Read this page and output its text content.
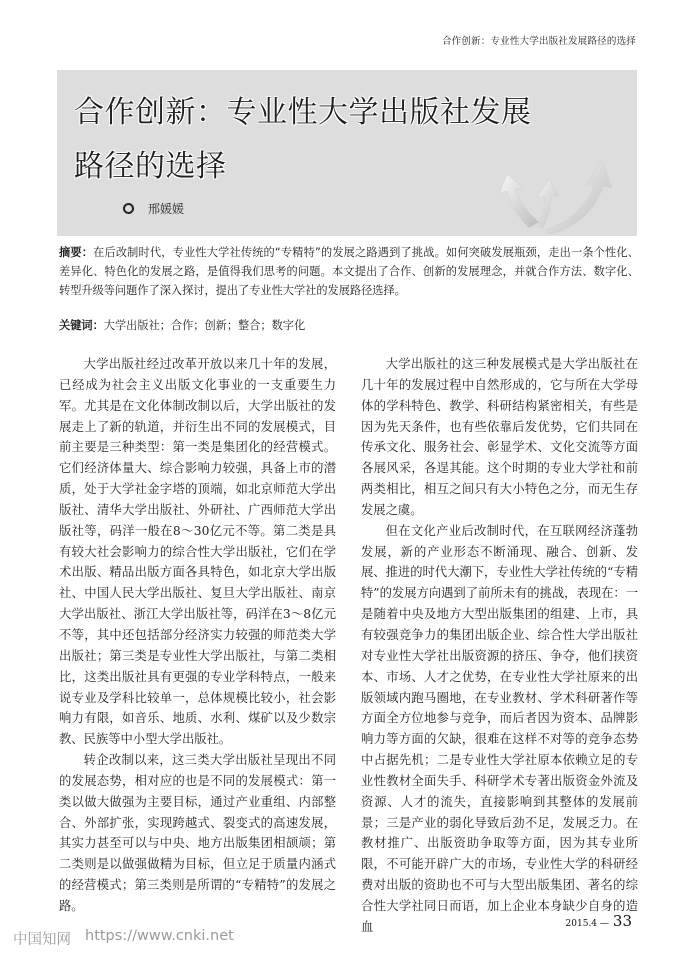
合作创新：专业性大学出版社发展路径的选择
合作创新：专业性大学出版社发展
路径的选择
邢媛媛
摘要：在后改制时代，专业性大学社传统的“专精特”的发展之路遇到了挑战。如何突破发展瓶颈，走出一条个性化、差异化、特色化的发展之路，是值得我们思考的问题。本文提出了合作、创新的发展理念，并就合作方法、数字化、转型升级等问题作了深入探讨，提出了专业性大学社的发展路径选择。
关键词：大学出版社；合作；创新；整合；数字化

大学出版社经过改革开放以来几十年的发展，已经成为社会主义出版文化事业的一支重要生力军。尤其是在文化体制改制以后，大学出版社的发展走上了新的轨道，并衍生出不同的发展模式，目前主要是三种类型：第一类是集团化的经营模式。它们经济体量大、综合影响力较强，具备上市的潜质，处于大学社金字塔的顶端，如北京师范大学出版社、清华大学出版社、外研社、广西师范大学出版社等，码洋一般在8～30亿元不等。第二类是具有较大社会影响力的综合性大学出版社，它们在学术出版、精品出版方面各具特色，如北京大学出版社、中国人民大学出版社、复旦大学出版社、南京大学出版社、浙江大学出版社等，码洋在3～8亿元不等，其中还包括部分经济实力较强的师范类大学出版社；第三类是专业性大学出版社，与第二类相比，这类出版社具有更强的专业学科特点，一般来说专业及学科比较单一，总体规模比较小，社会影响力有限，如音乐、地质、水利、煤矿以及少数宗教、民族等中小型大学出版社。

转企改制以来，这三类大学出版社呈现出不同的发展态势，相对应的也是不同的发展模式：第一类以做大做强为主要目标，通过产业重组、内部整合、外部扩张，实现跨越式、裂变式的高速发展，其实力甚至可以与中央、地方出版集团相颉颃；第二类则是以做强做精为目标，但立足于质量内涵式的经营模式；第三类则是所谓的“专精特”的发展之路。

大学出版社的这三种发展模式是大学出版社在几十年的发展过程中自然形成的，它与所在大学母体的学科特色、教学、科研结构紧密相关，有些是因为先天条件，也有些依靠后发优势，它们共同在传承文化、服务社会、彰显学术、文化交流等方面各展风采，各逞其能。这个时期的专业大学社和前两类相比，相互之间只有大小特色之分，而无生存发展之虞。

但在文化产业后改制时代，在互联网经济蓬勃发展，新的产业形态不断涌现、融合、创新、发展、推进的时代大潮下，专业性大学社传统的“专精特”的发展方向遇到了前所未有的挑战，表现在：一是随着中央及地方大型出版集团的组建、上市，具有较强竞争力的集团出版企业、综合性大学出版社对专业性大学社出版资源的挤压、争夺，他们挟资本、市场、人才之优势，在专业性大学社原来的出版领域内跑马圈地，在专业教材、学术科研著作等方面全方位地参与竞争，而后者因为资本、品牌影响力等方面的欠缺，很难在这样不对等的竞争态势中占据先机；二是专业性大学社原本依赖立足的专业性教材全面失手、科研学术专著出版资金外流及资源、人才的流失，直接影响到其整体的发展前景；三是产业的弱化导致后劲不足，发展乏力。在教材推广、出版资助争取等方面，因为其专业所限，不可能开辟广大的市场，专业性大学的科研经费对出版的资助也不可与大型出版集团、著名的综合性大学社同日而语，加上企业本身缺少自身的造血	2015.4 — 33
中国知网 https://www.cnki.net
